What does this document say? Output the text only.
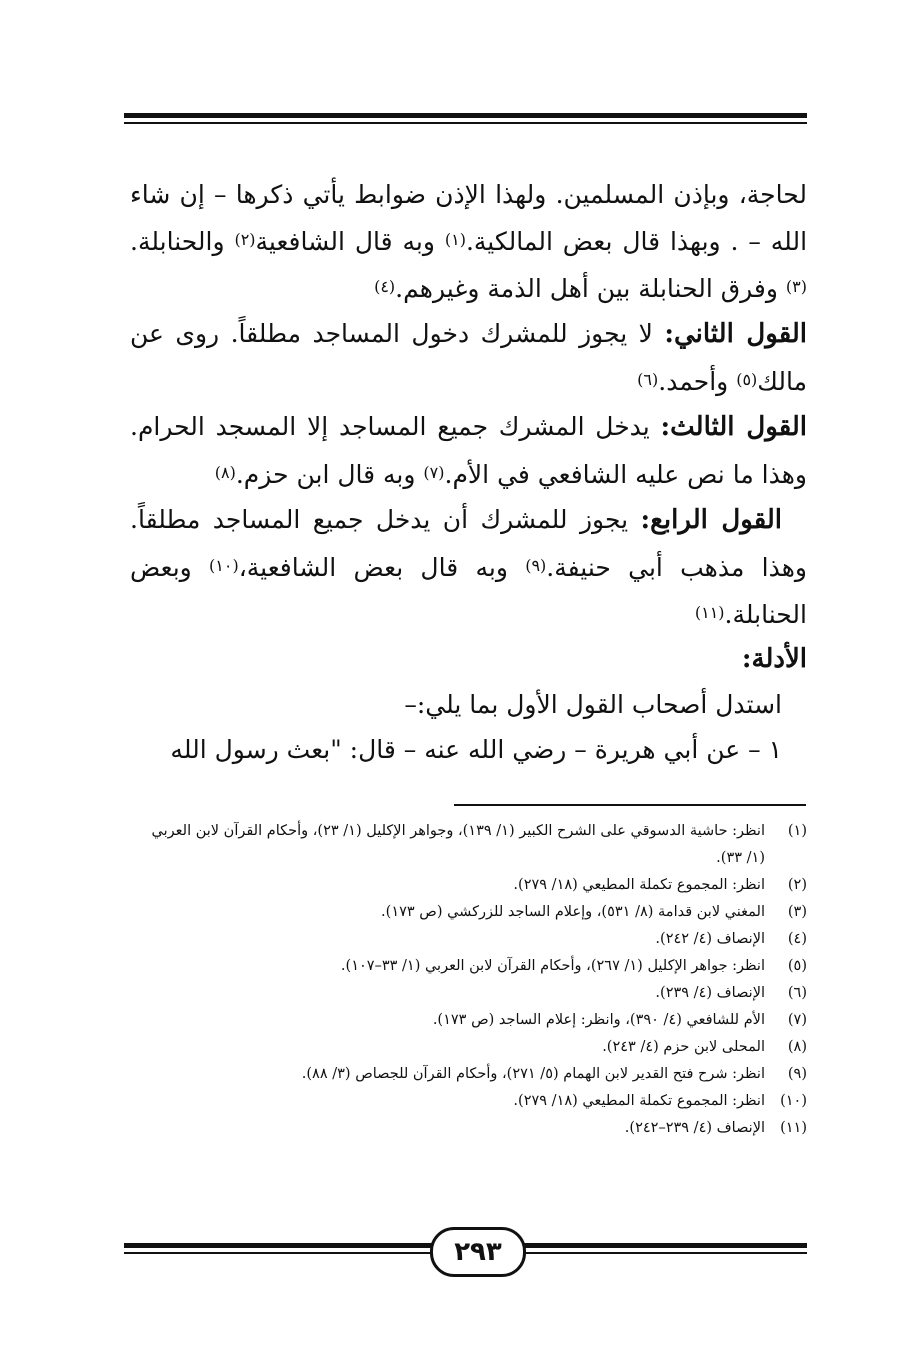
لحاجة، وبإذن المسلمين. ولهذا الإذن ضوابط يأتي ذكرها – إن شاء الله – . وبهذا قال بعض المالكية.$^{(١)}$ وبه قال الشافعية$^{(٢)}$ والحنابلة.$^{(٣)}$ وفرق الحنابلة بين أهل الذمة وغيرهم.$^{(٤)}$

القول الثاني: لا يجوز للمشرك دخول المساجد مطلقاً. روى عن مالك$^{(٥)}$ وأحمد.$^{(٦)}$

القول الثالث: يدخل المشرك جميع المساجد إلا المسجد الحرام. وهذا ما نص عليه الشافعي في الأم.$^{(٧)}$ وبه قال ابن حزم.$^{(٨)}$

القول الرابع: يجوز للمشرك أن يدخل جميع المساجد مطلقاً. وهذا مذهب أبي حنيفة.$^{(٩)}$ وبه قال بعض الشافعية،$^{(١٠)}$ وبعض الحنابلة.$^{(١١)}$

الأدلة:

استدل أصحاب القول الأول بما يلي:–

١ – عن أبي هريرة – رضي الله عنه – قال: "بعث رسول الله

(١)
انظر: حاشية الدسوقي على الشرح الكبير (١/ ١٣٩)، وجواهر الإكليل (١/ ٢٣)، وأحكام القرآن لابن العربي (١/ ٣٣).
(٢)
انظر: المجموع تكملة المطيعي (١٨/ ٢٧٩).
(٣)
المغني لابن قدامة (٨/ ٥٣١)، وإعلام الساجد للزركشي (ص ١٧٣).
(٤)
الإنصاف (٤/ ٢٤٢).
(٥)
انظر: جواهر الإكليل (١/ ٢٦٧)، وأحكام القرآن لابن العربي (١/ ٣٣–١٠٧).
(٦)
الإنصاف (٤/ ٢٣٩).
(٧)
الأم للشافعي (٤/ ٣٩٠)، وانظر: إعلام الساجد (ص ١٧٣).
(٨)
المحلى لابن حزم (٤/ ٢٤٣).
(٩)
انظر: شرح فتح القدير لابن الهمام (٥/ ٢٧١)، وأحكام القرآن للجصاص (٣/ ٨٨).
(١٠)
انظر: المجموع تكملة المطيعي (١٨/ ٢٧٩).
(١١)
الإنصاف (٤/ ٢٣٩–٢٤٢).
٢٩٣
